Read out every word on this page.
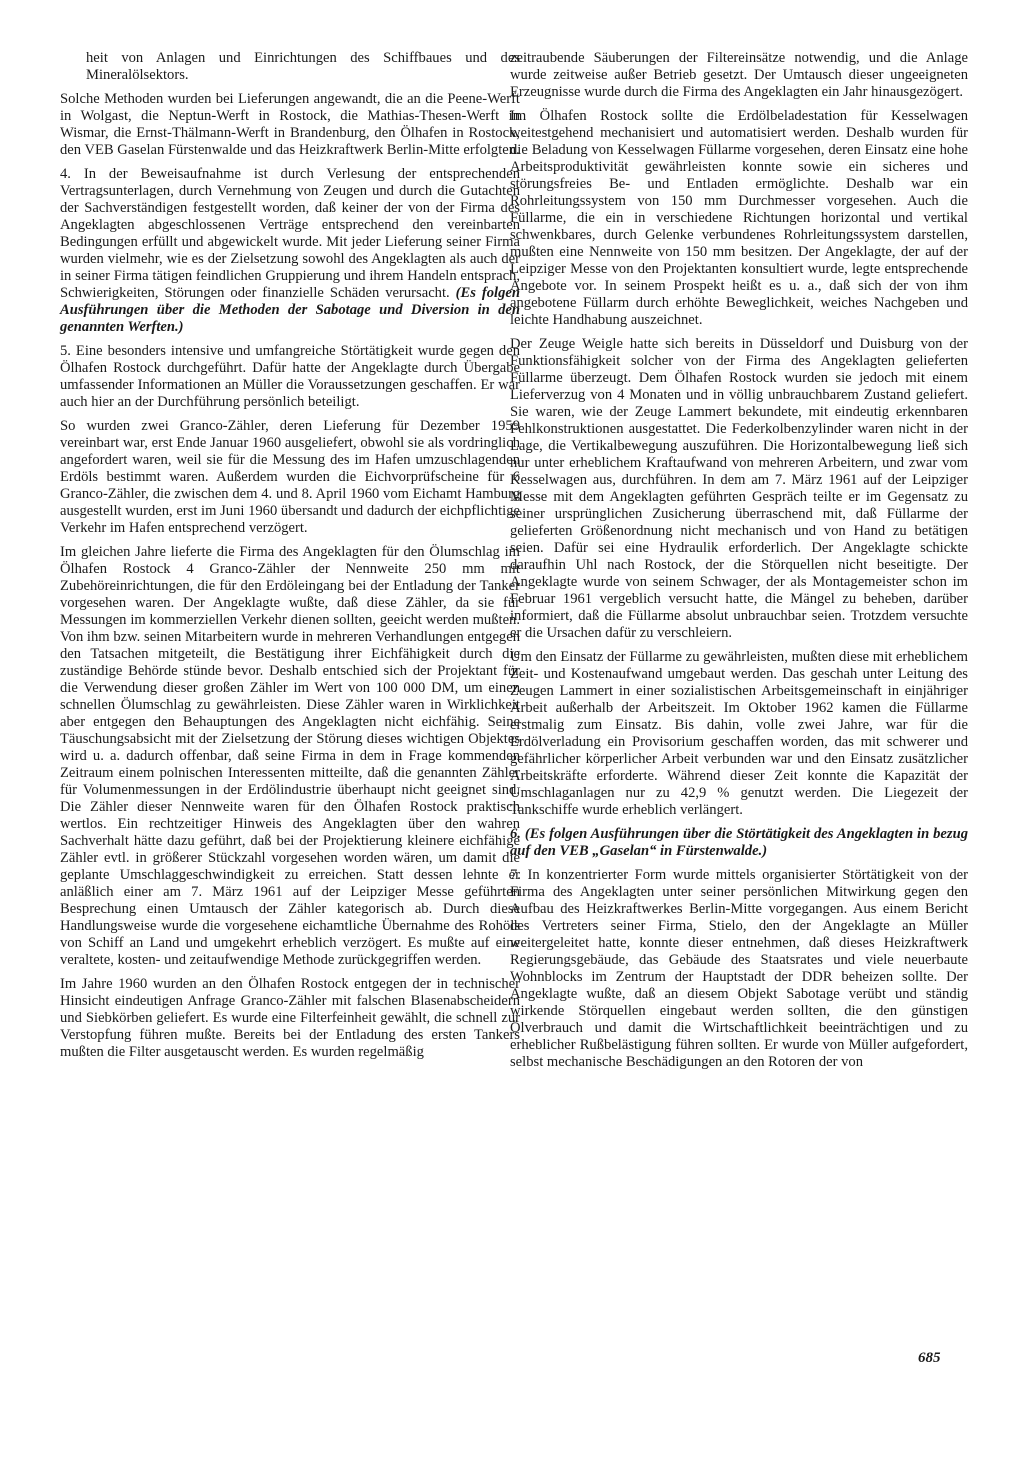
heit von Anlagen und Einrichtungen des Schiffbaues und des Mineralölsektors.

Solche Methoden wurden bei Lieferungen angewandt, die an die Peene-Werft in Wolgast, die Neptun-Werft in Rostock, die Mathias-Thesen-Werft in Wismar, die Ernst-Thälmann-Werft in Brandenburg, den Ölhafen in Rostock, den VEB Gaselan Fürstenwalde und das Heizkraftwerk Berlin-Mitte erfolgten.

4. In der Beweisaufnahme ist durch Verlesung der entsprechenden Vertragsunterlagen, durch Vernehmung von Zeugen und durch die Gutachten der Sachverständigen festgestellt worden, daß keiner der von der Firma des Angeklagten abgeschlossenen Verträge entsprechend den vereinbarten Bedingungen erfüllt und abgewickelt wurde. Mit jeder Lieferung seiner Firma wurden vielmehr, wie es der Zielsetzung sowohl des Angeklagten als auch der in seiner Firma tätigen feindlichen Gruppierung und ihrem Handeln entsprach, Schwierigkeiten, Störungen oder finanzielle Schäden verursacht. (Es folgen Ausführungen über die Methoden der Sabotage und Diversion in den genannten Werften.)

5. Eine besonders intensive und umfangreiche Störtätigkeit wurde gegen den Ölhafen Rostock durchgeführt. Dafür hatte der Angeklagte durch Übergabe umfassender Informationen an Müller die Voraussetzungen geschaffen. Er war auch hier an der Durchführung persönlich beteiligt.

So wurden zwei Granco-Zähler, deren Lieferung für Dezember 1959 vereinbart war, erst Ende Januar 1960 ausgeliefert, obwohl sie als vordringlich angefordert waren, weil sie für die Messung des im Hafen umzuschlagenden Erdöls bestimmt waren. Außerdem wurden die Eichvorprüfscheine für 6 Granco-Zähler, die zwischen dem 4. und 8. April 1960 vom Eichamt Hamburg ausgestellt wurden, erst im Juni 1960 übersandt und dadurch der eichpflichtige Verkehr im Hafen entsprechend verzögert.

Im gleichen Jahre lieferte die Firma des Angeklagten für den Ölumschlag im Ölhafen Rostock 4 Granco-Zähler der Nennweite 250 mm mit Zubehöreinrichtungen, die für den Erdöleingang bei der Entladung der Tanker vorgesehen waren. Der Angeklagte wußte, daß diese Zähler, da sie für Messungen im kommerziellen Verkehr dienen sollten, geeicht werden mußten. Von ihm bzw. seinen Mitarbeitern wurde in mehreren Verhandlungen entgegen den Tatsachen mitgeteilt, die Bestätigung ihrer Eichfähigkeit durch die zuständige Behörde stünde bevor. Deshalb entschied sich der Projektant für die Verwendung dieser großen Zähler im Wert von 100 000 DM, um einen schnellen Ölumschlag zu gewährleisten. Diese Zähler waren in Wirklichkeit aber entgegen den Behauptungen des Angeklagten nicht eichfähig. Seine Täuschungsabsicht mit der Zielsetzung der Störung dieses wichtigen Objektes wird u. a. dadurch offenbar, daß seine Firma in dem in Frage kommenden Zeitraum einem polnischen Interessenten mitteilte, daß die genannten Zähler für Volumenmessungen in der Erdölindustrie überhaupt nicht geeignet sind. Die Zähler dieser Nennweite waren für den Ölhafen Rostock praktisch wertlos. Ein rechtzeitiger Hinweis des Angeklagten über den wahren Sachverhalt hätte dazu geführt, daß bei der Projektierung kleinere eichfähige Zähler evtl. in größerer Stückzahl vorgesehen worden wären, um damit die geplante Umschlaggeschwindigkeit zu erreichen. Statt dessen lehnte er anläßlich einer am 7. März 1961 auf der Leipziger Messe geführten Besprechung einen Umtausch der Zähler kategorisch ab. Durch diese Handlungsweise wurde die vorgesehene eichamtliche Übernahme des Rohöls von Schiff an Land und umgekehrt erheblich verzögert. Es mußte auf eine veraltete, kosten- und zeitaufwendige Methode zurückgegriffen werden.

Im Jahre 1960 wurden an den Ölhafen Rostock entgegen der in technischer Hinsicht eindeutigen Anfrage Granco-Zähler mit falschen Blasenabscheidern und Siebkörben geliefert. Es wurde eine Filterfeinheit gewählt, die schnell zur Verstopfung führen mußte. Bereits bei der Entladung des ersten Tankers mußten die Filter ausgetauscht werden. Es wurden regelmäßig

zeitraubende Säuberungen der Filtereinsätze notwendig, und die Anlage wurde zeitweise außer Betrieb gesetzt. Der Umtausch dieser ungeeigneten Erzeugnisse wurde durch die Firma des Angeklagten ein Jahr hinausgezögert.

Im Ölhafen Rostock sollte die Erdölbeladestation für Kesselwagen weitestgehend mechanisiert und automatisiert werden. Deshalb wurden für die Beladung von Kesselwagen Füllarme vorgesehen, deren Einsatz eine hohe Arbeitsproduktivität gewährleisten konnte sowie ein sicheres und störungsfreies Be- und Entladen ermöglichte. Deshalb war ein Rohrleitungssystem von 150 mm Durchmesser vorgesehen. Auch die Füllarme, die ein in verschiedene Richtungen horizontal und vertikal schwenkbares, durch Gelenke verbundenes Rohrleitungssystem darstellen, mußten eine Nennweite von 150 mm besitzen. Der Angeklagte, der auf der Leipziger Messe von den Projektanten konsultiert wurde, legte entsprechende Angebote vor. In seinem Prospekt heißt es u. a., daß sich der von ihm angebotene Füllarm durch erhöhte Beweglichkeit, weiches Nachgeben und leichte Handhabung auszeichnet.

Der Zeuge Weigle hatte sich bereits in Düsseldorf und Duisburg von der Funktionsfähigkeit solcher von der Firma des Angeklagten gelieferten Füllarme überzeugt. Dem Ölhafen Rostock wurden sie jedoch mit einem Lieferverzug von 4 Monaten und in völlig unbrauchbarem Zustand geliefert. Sie waren, wie der Zeuge Lammert bekundete, mit eindeutig erkennbaren Fehlkonstruktionen ausgestattet. Die Federkolbenzylinder waren nicht in der Lage, die Vertikalbewegung auszuführen. Die Horizontalbewegung ließ sich nur unter erheblichem Kraftaufwand von mehreren Arbeitern, und zwar vom Kesselwagen aus, durchführen. In dem am 7. März 1961 auf der Leipziger Messe mit dem Angeklagten geführten Gespräch teilte er im Gegensatz zu seiner ursprünglichen Zusicherung überraschend mit, daß Füllarme der gelieferten Größenordnung nicht mechanisch und von Hand zu betätigen seien. Dafür sei eine Hydraulik erforderlich. Der Angeklagte schickte daraufhin Uhl nach Rostock, der die Störquellen nicht beseitigte. Der Angeklagte wurde von seinem Schwager, der als Montagemeister schon im Februar 1961 vergeblich versucht hatte, die Mängel zu beheben, darüber informiert, daß die Füllarme absolut unbrauchbar seien. Trotzdem versuchte er die Ursachen dafür zu verschleiern.

Um den Einsatz der Füllarme zu gewährleisten, mußten diese mit erheblichem Zeit- und Kostenaufwand umgebaut werden. Das geschah unter Leitung des Zeugen Lammert in einer sozialistischen Arbeitsgemeinschaft in einjähriger Arbeit außerhalb der Arbeitszeit. Im Oktober 1962 kamen die Füllarme erstmalig zum Einsatz. Bis dahin, volle zwei Jahre, war für die Erdölverladung ein Provisorium geschaffen worden, das mit schwerer und gefährlicher körperlicher Arbeit verbunden war und den Einsatz zusätzlicher Arbeitskräfte erforderte. Während dieser Zeit konnte die Kapazität der Umschlaganlagen nur zu 42,9 % genutzt werden. Die Liegezeit der Tankschiffe wurde erheblich verlängert.

6. (Es folgen Ausführungen über die Störtätigkeit des Angeklagten in bezug auf den VEB „Gaselan“ in Fürstenwalde.)

7. In konzentrierter Form wurde mittels organisierter Störtätigkeit von der Firma des Angeklagten unter seiner persönlichen Mitwirkung gegen den Aufbau des Heizkraftwerkes Berlin-Mitte vorgegangen. Aus einem Bericht des Vertreters seiner Firma, Stielo, den der Angeklagte an Müller weitergeleitet hatte, konnte dieser entnehmen, daß dieses Heizkraftwerk Regierungsgebäude, das Gebäude des Staatsrates und viele neuerbaute Wohnblocks im Zentrum der Hauptstadt der DDR beheizen sollte. Der Angeklagte wußte, daß an diesem Objekt Sabotage verübt und ständig wirkende Störquellen eingebaut werden sollten, die den günstigen Ölverbrauch und damit die Wirtschaftlichkeit beeinträchtigen und zu erheblicher Rußbelästigung führen sollten. Er wurde von Müller aufgefordert, selbst mechanische Beschädigungen an den Rotoren der von

685
